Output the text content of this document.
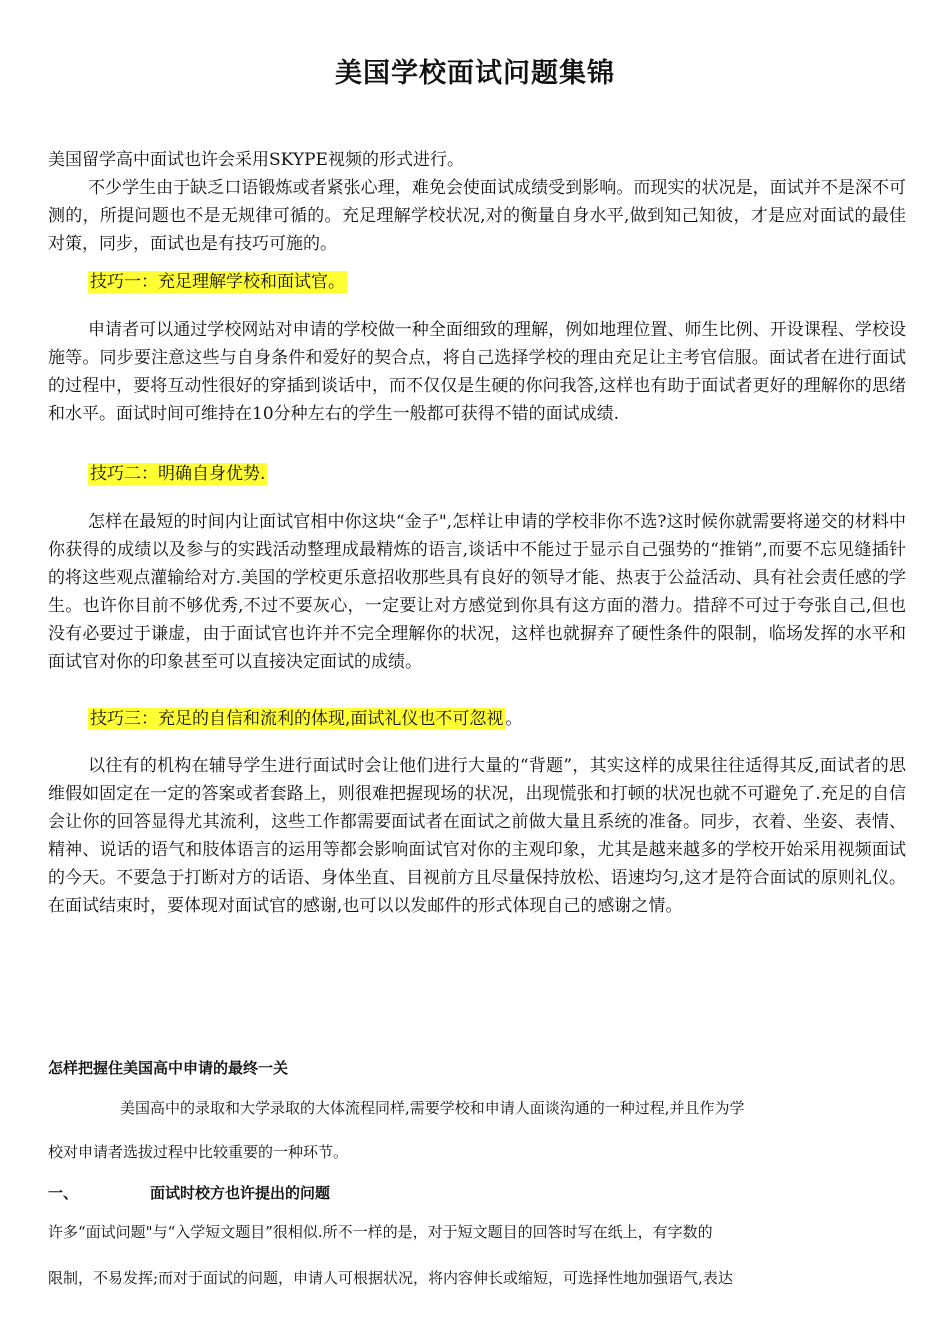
美国学校面试问题集锦

美国留学高中面试也许会采用SKYPE视频的形式进行。

不少学生由于缺乏口语锻炼或者紧张心理，难免会使面试成绩受到影响。而现实的状况是，面试并不是深不可测的，所提问题也不是无规律可循的。充足理解学校状况,对的衡量自身水平,做到知己知彼，才是应对面试的最佳对策，同步，面试也是有技巧可施的。

技巧一：充足理解学校和面试官。

申请者可以通过学校网站对申请的学校做一种全面细致的理解，例如地理位置、师生比例、开设课程、学校设施等。同步要注意这些与自身条件和爱好的契合点，将自己选择学校的理由充足让主考官信服。面试者在进行面试的过程中，要将互动性很好的穿插到谈话中，而不仅仅是生硬的你问我答,这样也有助于面试者更好的理解你的思绪和水平。面试时间可维持在10分种左右的学生一般都可获得不错的面试成绩.

技巧二：明确自身优势.

怎样在最短的时间内让面试官相中你这块“金子",怎样让申请的学校非你不选?这时候你就需要将递交的材料中你获得的成绩以及参与的实践活动整理成最精炼的语言,谈话中不能过于显示自己强势的“推销”,而要不忘见缝插针的将这些观点灌输给对方.美国的学校更乐意招收那些具有良好的领导才能、热衷于公益活动、具有社会责任感的学生。也许你目前不够优秀,不过不要灰心，一定要让对方感觉到你具有这方面的潜力。措辞不可过于夸张自己,但也没有必要过于谦虚，由于面试官也许并不完全理解你的状况，这样也就摒弃了硬性条件的限制，临场发挥的水平和面试官对你的印象甚至可以直接决定面试的成绩。

技巧三：充足的自信和流利的体现,面试礼仪也不可忽视 。

以往有的机构在辅导学生进行面试时会让他们进行大量的“背题”，其实这样的成果往往适得其反,面试者的思维假如固定在一定的答案或者套路上，则很难把握现场的状况，出现慌张和打顿的状况也就不可避免了.充足的自信会让你的回答显得尤其流利，这些工作都需要面试者在面试之前做大量且系统的准备。同步，衣着、坐姿、表情、精神、说话的语气和肢体语言的运用等都会影响面试官对你的主观印象，尤其是越来越多的学校开始采用视频面试的今天。不要急于打断对方的话语、身体坐直、目视前方且尽量保持放松、语速均匀,这才是符合面试的原则礼仪。在面试结束时，要体现对面试官的感谢,也可以以发邮件的形式体现自己的感谢之情。

怎样把握住美国高中申请的最终一关

美国高中的录取和大学录取的大体流程同样,需要学校和申请人面谈沟通的一种过程,并且作为学

校对申请者选拔过程中比较重要的一种环节。

一、	面试时校方也许提出的问题

许多“面试问题"与“入学短文题目”很相似.所不一样的是，对于短文题目的回答时写在纸上，有字数的

限制，不易发挥;而对于面试的问题，申请人可根据状况，将内容伸长或缩短，可选择性地加强语气,表达
